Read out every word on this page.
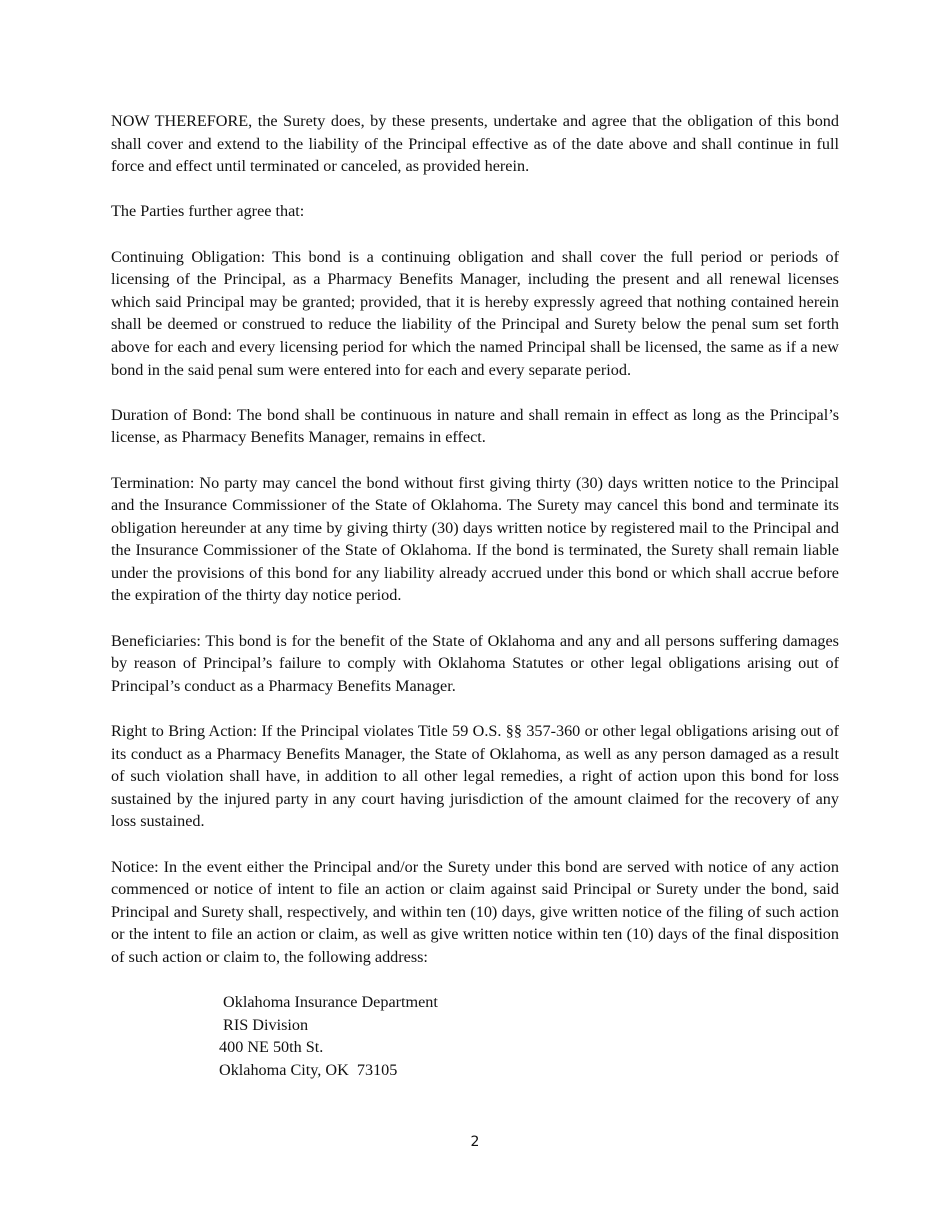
NOW THEREFORE, the Surety does, by these presents, undertake and agree that the obligation of this bond shall cover and extend to the liability of the Principal effective as of the date above and shall continue in full force and effect until terminated or canceled, as provided herein.

The Parties further agree that:

Continuing Obligation: This bond is a continuing obligation and shall cover the full period or periods of licensing of the Principal, as a Pharmacy Benefits Manager, including the present and all renewal licenses which said Principal may be granted; provided, that it is hereby expressly agreed that nothing contained herein shall be deemed or construed to reduce the liability of the Principal and Surety below the penal sum set forth above for each and every licensing period for which the named Principal shall be licensed, the same as if a new bond in the said penal sum were entered into for each and every separate period.

Duration of Bond: The bond shall be continuous in nature and shall remain in effect as long as the Principal’s license, as Pharmacy Benefits Manager, remains in effect.

Termination: No party may cancel the bond without first giving thirty (30) days written notice to the Principal and the Insurance Commissioner of the State of Oklahoma. The Surety may cancel this bond and terminate its obligation hereunder at any time by giving thirty (30) days written notice by registered mail to the Principal and the Insurance Commissioner of the State of Oklahoma. If the bond is terminated, the Surety shall remain liable under the provisions of this bond for any liability already accrued under this bond or which shall accrue before the expiration of the thirty day notice period.

Beneficiaries: This bond is for the benefit of the State of Oklahoma and any and all persons suffering damages by reason of Principal’s failure to comply with Oklahoma Statutes or other legal obligations arising out of Principal’s conduct as a Pharmacy Benefits Manager.

Right to Bring Action: If the Principal violates Title 59 O.S. §§ 357-360 or other legal obligations arising out of its conduct as a Pharmacy Benefits Manager, the State of Oklahoma, as well as any person damaged as a result of such violation shall have, in addition to all other legal remedies, a right of action upon this bond for loss sustained by the injured party in any court having jurisdiction of the amount claimed for the recovery of any loss sustained.

Notice: In the event either the Principal and/or the Surety under this bond are served with notice of any action commenced or notice of intent to file an action or claim against said Principal or Surety under the bond, said Principal and Surety shall, respectively, and within ten (10) days, give written notice of the filing of such action or the intent to file an action or claim, as well as give written notice within ten (10) days of the final disposition of such action or claim to, the following address:

Oklahoma Insurance Department
RIS Division
400 NE 50th St.
Oklahoma City, OK  73105
2
